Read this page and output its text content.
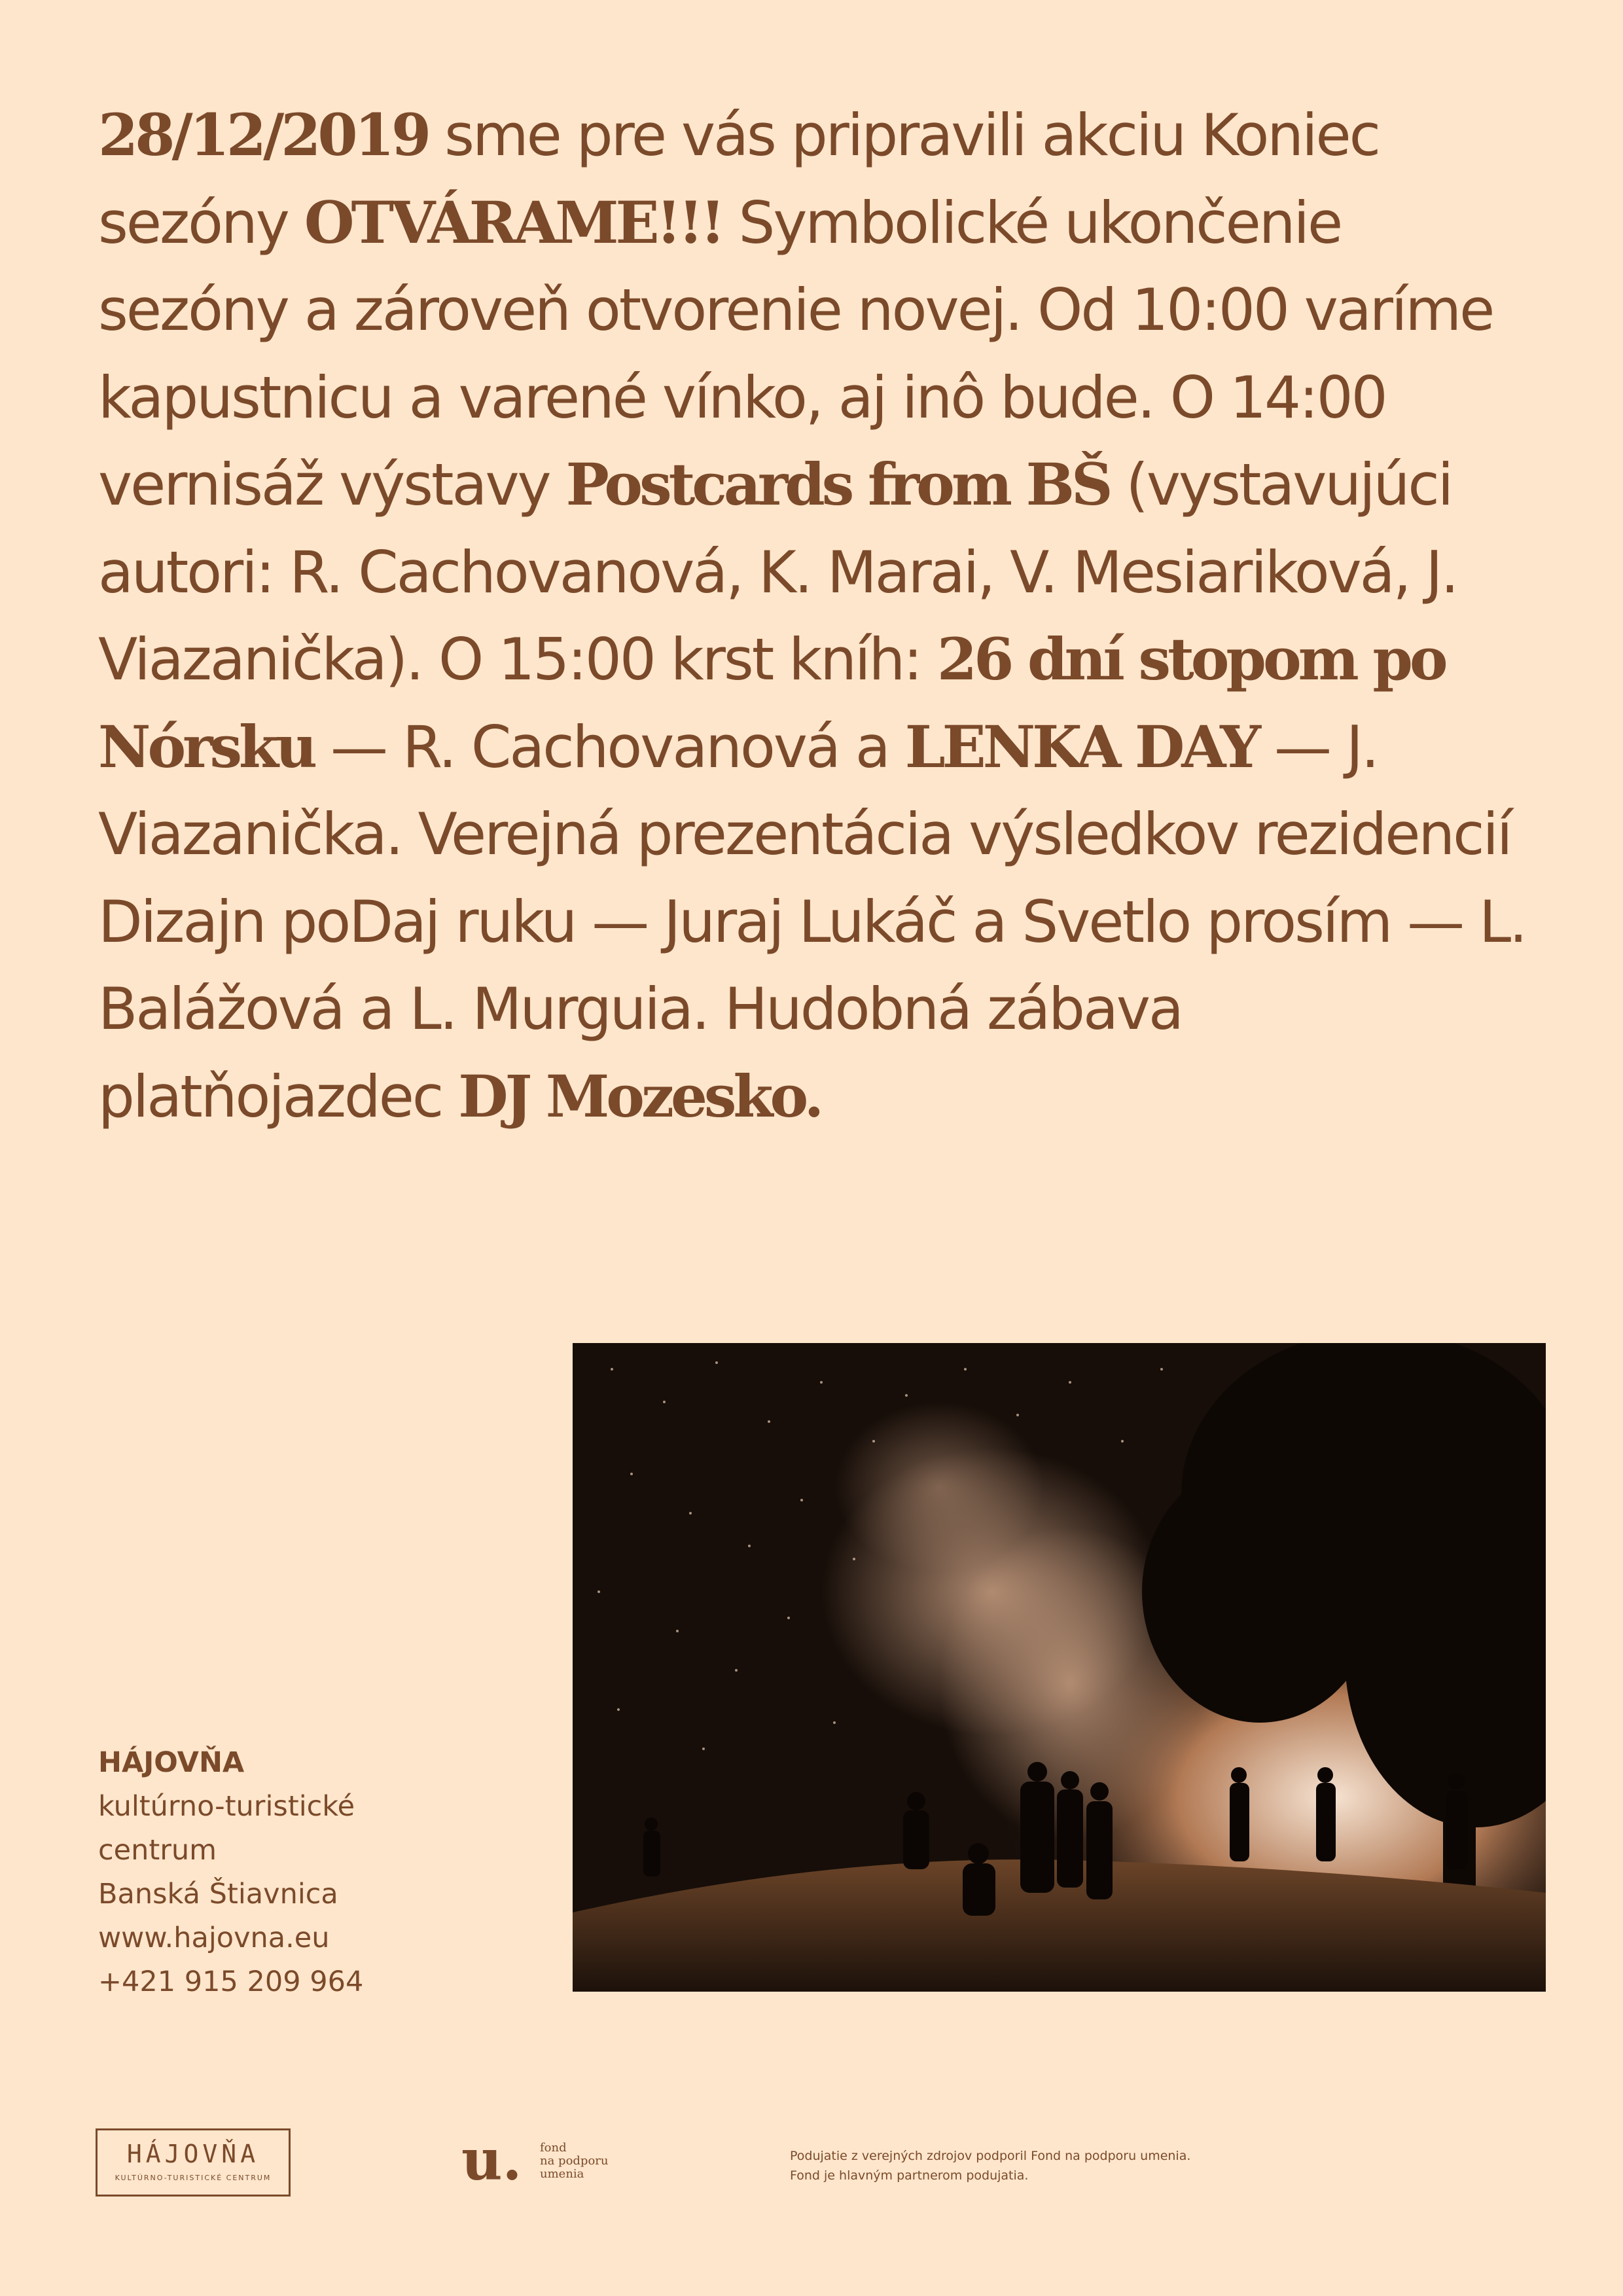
28/12/2019 sme pre vás pripravili akciu Koniec sezóny OTVÁRAME!!! Symbolické ukončenie sezóny a zároveň otvorenie novej. Od 10:00 varíme kapustnicu a varené vínko, aj inô bude. O 14:00 vernisáž výstavy Postcards from BŠ (vystavujúci autori: R. Cachovanová, K. Marai, V. Mesiariková, J. Viazanička). O 15:00 krst kníh: 26 dní stopom po Nórsku — R. Cachovanová a LENKA DAY — J. Viazanička. Verejná prezentácia výsledkov rezidencií Dizajn poDaj ruku — Juraj Lukáč a Svetlo prosím — L. Balážová a L. Murguia. Hudobná zábava platňojazdec DJ Mozesko.
HÁJOVŇA
kultúrno-turistické
centrum
Banská Štiavnica
www.hajovna.eu
+421 915 209 964
HÁJOVŇA
KULTÚRNO-TURISTICKÉ CENTRUM	u. fond
na podporu
umenia
Podujatie z verejných zdrojov podporil Fond na podporu umenia.
Fond je hlavným partnerom podujatia.
